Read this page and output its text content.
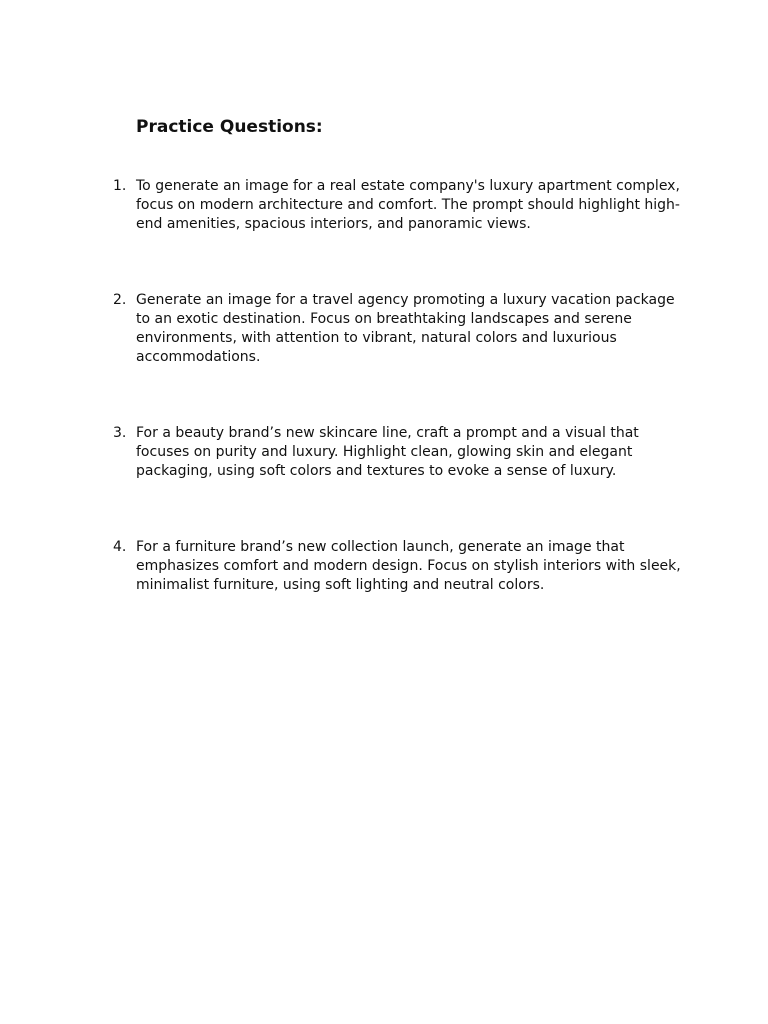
Practice Questions:
1. To generate an image for a real estate company's luxury apartment complex,
focus on modern architecture and comfort. The prompt should highlight high-
end amenities, spacious interiors, and panoramic views.
2. Generate an image for a travel agency promoting a luxury vacation package
to an exotic destination. Focus on breathtaking landscapes and serene
environments, with attention to vibrant, natural colors and luxurious
accommodations.
3. For a beauty brand’s new skincare line, craft a prompt and a visual that
focuses on purity and luxury. Highlight clean, glowing skin and elegant
packaging, using soft colors and textures to evoke a sense of luxury.
4. For a furniture brand’s new collection launch, generate an image that
emphasizes comfort and modern design. Focus on stylish interiors with sleek,
minimalist furniture, using soft lighting and neutral colors.
